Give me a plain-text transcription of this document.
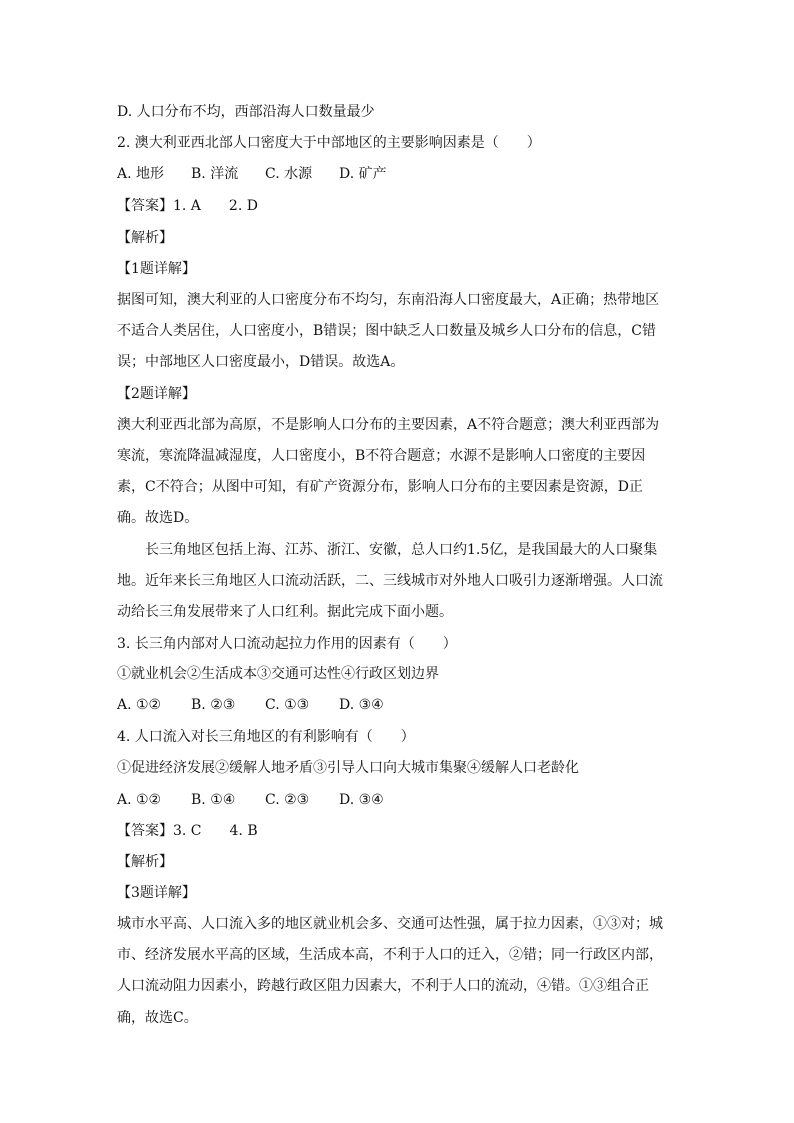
D. 人口分布不均，西部沿海人口数量最少
2. 澳大利亚西北部人口密度大于中部地区的主要影响因素是（　　）
A. 地形 B. 洋流 C. 水源 D. 矿产
【答案】1. A　　2. D
【解析】
【1题详解】
据图可知，澳大利亚的人口密度分布不均匀，东南沿海人口密度最大，A正确；热带地区
不适合人类居住，人口密度小，B错误；图中缺乏人口数量及城乡人口分布的信息，C错
误；中部地区人口密度最小，D错误。故选A。
【2题详解】
澳大利亚西北部为高原，不是影响人口分布的主要因素，A不符合题意；澳大利亚西部为
寒流，寒流降温减湿度，人口密度小，B不符合题意；水源不是影响人口密度的主要因
素，C不符合；从图中可知，有矿产资源分布，影响人口分布的主要因素是资源，D正
确。故选D。
　　长三角地区包括上海、江苏、浙江、安徽，总人口约1.5亿，是我国最大的人口聚集
地。近年来长三角地区人口流动活跃，二、三线城市对外地人口吸引力逐渐增强。人口流
动给长三角发展带来了人口红利。据此完成下面小题。
3. 长三角内部对人口流动起拉力作用的因素有（　　）
①就业机会②生活成本③交通可达性④行政区划边界
A. ①② B. ②③ C. ①③ D. ③④
4. 人口流入对长三角地区的有利影响有（　　）
①促进经济发展②缓解人地矛盾③引导人口向大城市集聚④缓解人口老龄化
A. ①② B. ①④ C. ②③ D. ③④
【答案】3. C　　4. B
【解析】
【3题详解】
城市水平高、人口流入多的地区就业机会多、交通可达性强，属于拉力因素，①③对；城
市、经济发展水平高的区域，生活成本高，不利于人口的迁入，②错；同一行政区内部，
人口流动阻力因素小，跨越行政区阻力因素大，不利于人口的流动，④错。①③组合正
确，故选C。
